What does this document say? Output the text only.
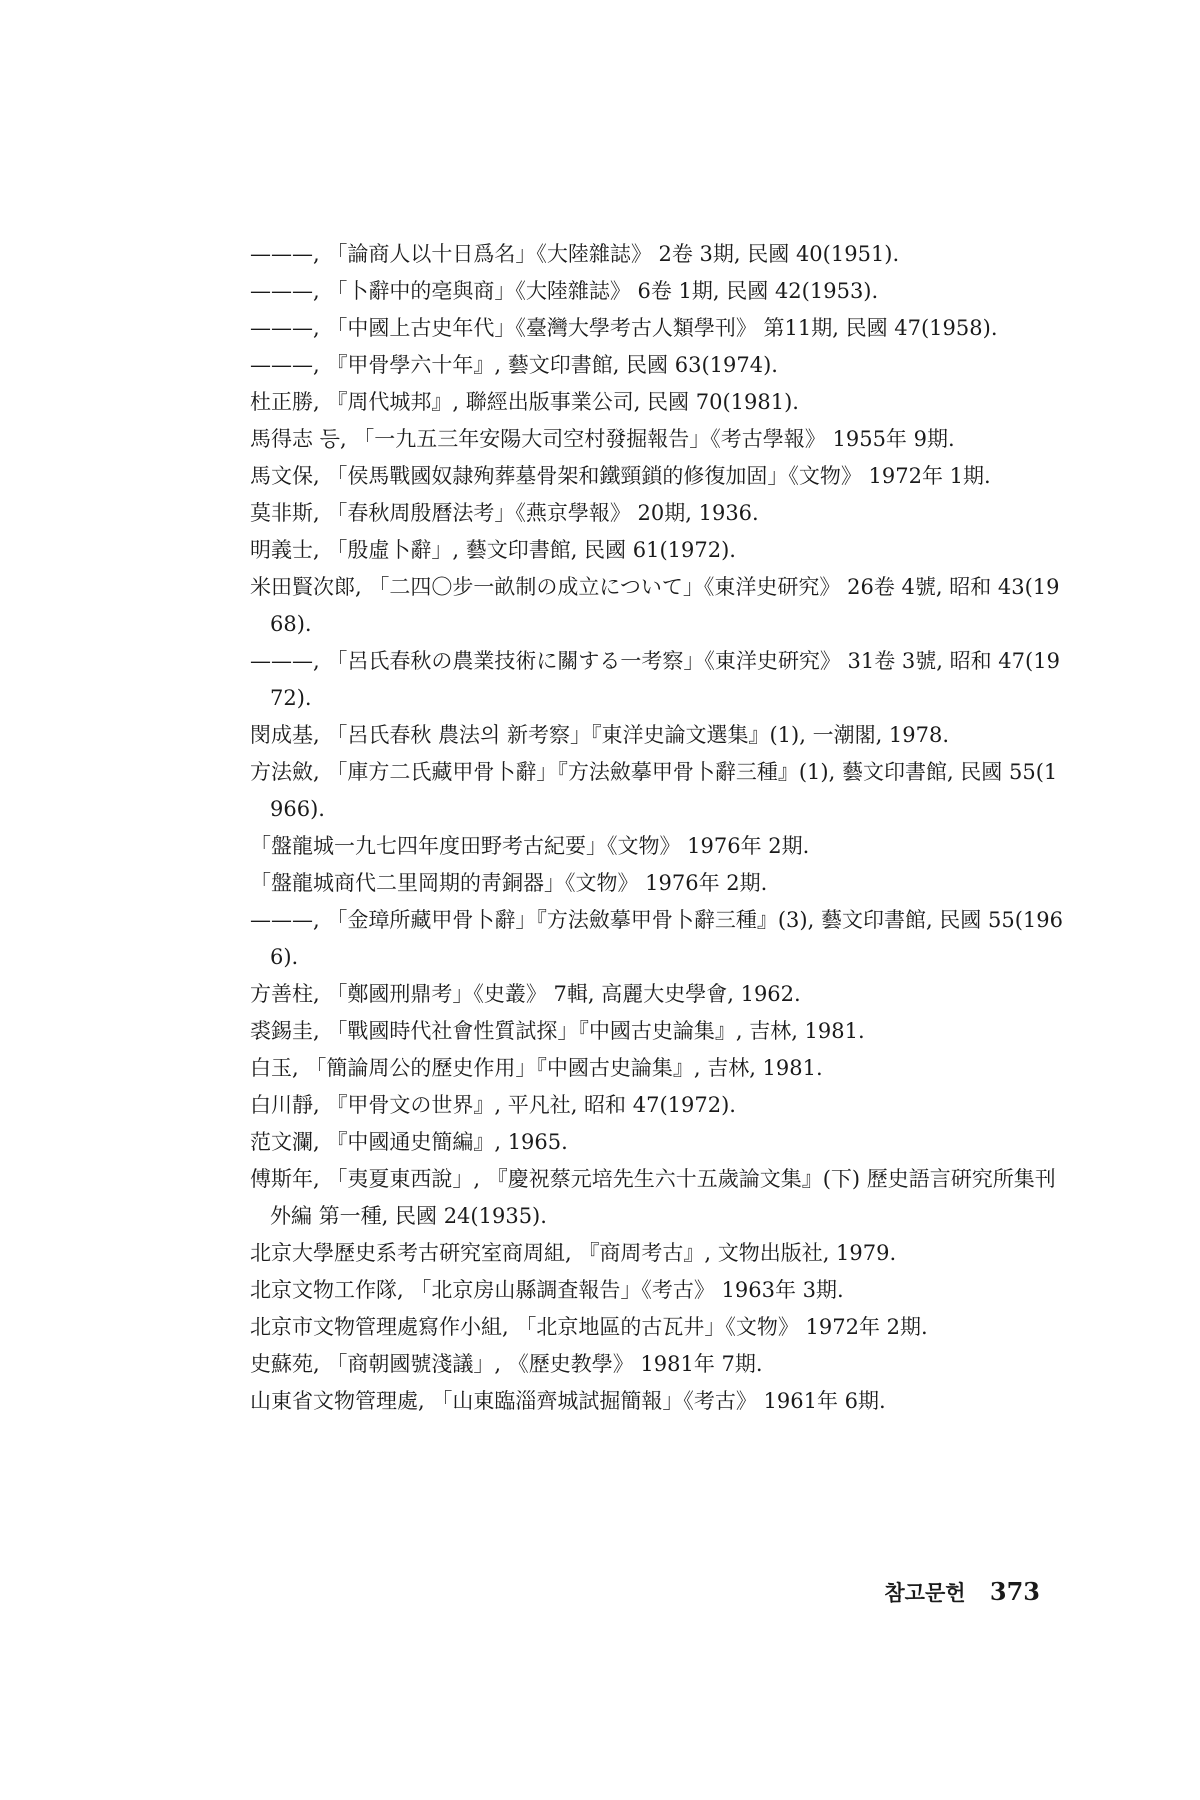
———, 「論商人以十日爲名」《大陸雜誌》 2卷 3期, 民國 40(1951).
———, 「卜辭中的亳與商」《大陸雜誌》 6卷 1期, 民國 42(1953).
———, 「中國上古史年代」《臺灣大學考古人類學刊》 第11期, 民國 47(1958).
———, 『甲骨學六十年』, 藝文印書館, 民國 63(1974).
杜正勝, 『周代城邦』, 聯經出版事業公司, 民國 70(1981).
馬得志 등, 「一九五三年安陽大司空村發掘報告」《考古學報》 1955年 9期.
馬文保, 「侯馬戰國奴隷殉葬墓骨架和鐵頸鎖的修復加固」《文物》 1972年 1期.
莫非斯, 「春秋周殷曆法考」《燕京學報》 20期, 1936.
明義士, 「殷虛卜辭」, 藝文印書館, 民國 61(1972).
米田賢次郞, 「二四〇步一畝制の成立について」《東洋史研究》 26卷 4號, 昭和 43(1968).
———, 「呂氏春秋の農業技術に關する一考察」《東洋史硏究》 31卷 3號, 昭和 47(1972).
閔成基, 「呂氏春秋 農法의 新考察」『東洋史論文選集』(1), 一潮閣, 1978.
方法斂, 「庫方二氏藏甲骨卜辭」『方法斂摹甲骨卜辭三種』(1), 藝文印書館, 民國 55(1966).
「盤龍城一九七四年度田野考古紀要」《文物》 1976年 2期.
「盤龍城商代二里岡期的靑銅器」《文物》 1976年 2期.
———, 「金璋所藏甲骨卜辭」『方法斂摹甲骨卜辭三種』(3), 藝文印書館, 民國 55(1966).
方善柱, 「鄭國刑鼎考」《史叢》 7輯, 高麗大史學會, 1962.
裘錫圭, 「戰國時代社會性質試探」『中國古史論集』, 吉林, 1981.
白玉, 「簡論周公的歷史作用」『中國古史論集』, 吉林, 1981.
白川靜, 『甲骨文の世界』, 平凡社, 昭和 47(1972).
范文瀾, 『中國通史簡編』, 1965.
傅斯年, 「夷夏東西說」, 『慶祝蔡元培先生六十五歲論文集』(下) 歷史語言硏究所集刊 外編 第一種, 民國 24(1935).
北京大學歷史系考古硏究室商周組, 『商周考古』, 文物出版社, 1979.
北京文物工作隊, 「北京房山縣調査報告」《考古》 1963年 3期.
北京市文物管理處寫作小組, 「北京地區的古瓦井」《文物》 1972年 2期.
史蘇苑, 「商朝國號淺議」, 《歷史教學》 1981年 7期.
山東省文物管理處, 「山東臨淄齊城試掘簡報」《考古》 1961年 6期.
참고문헌 373
